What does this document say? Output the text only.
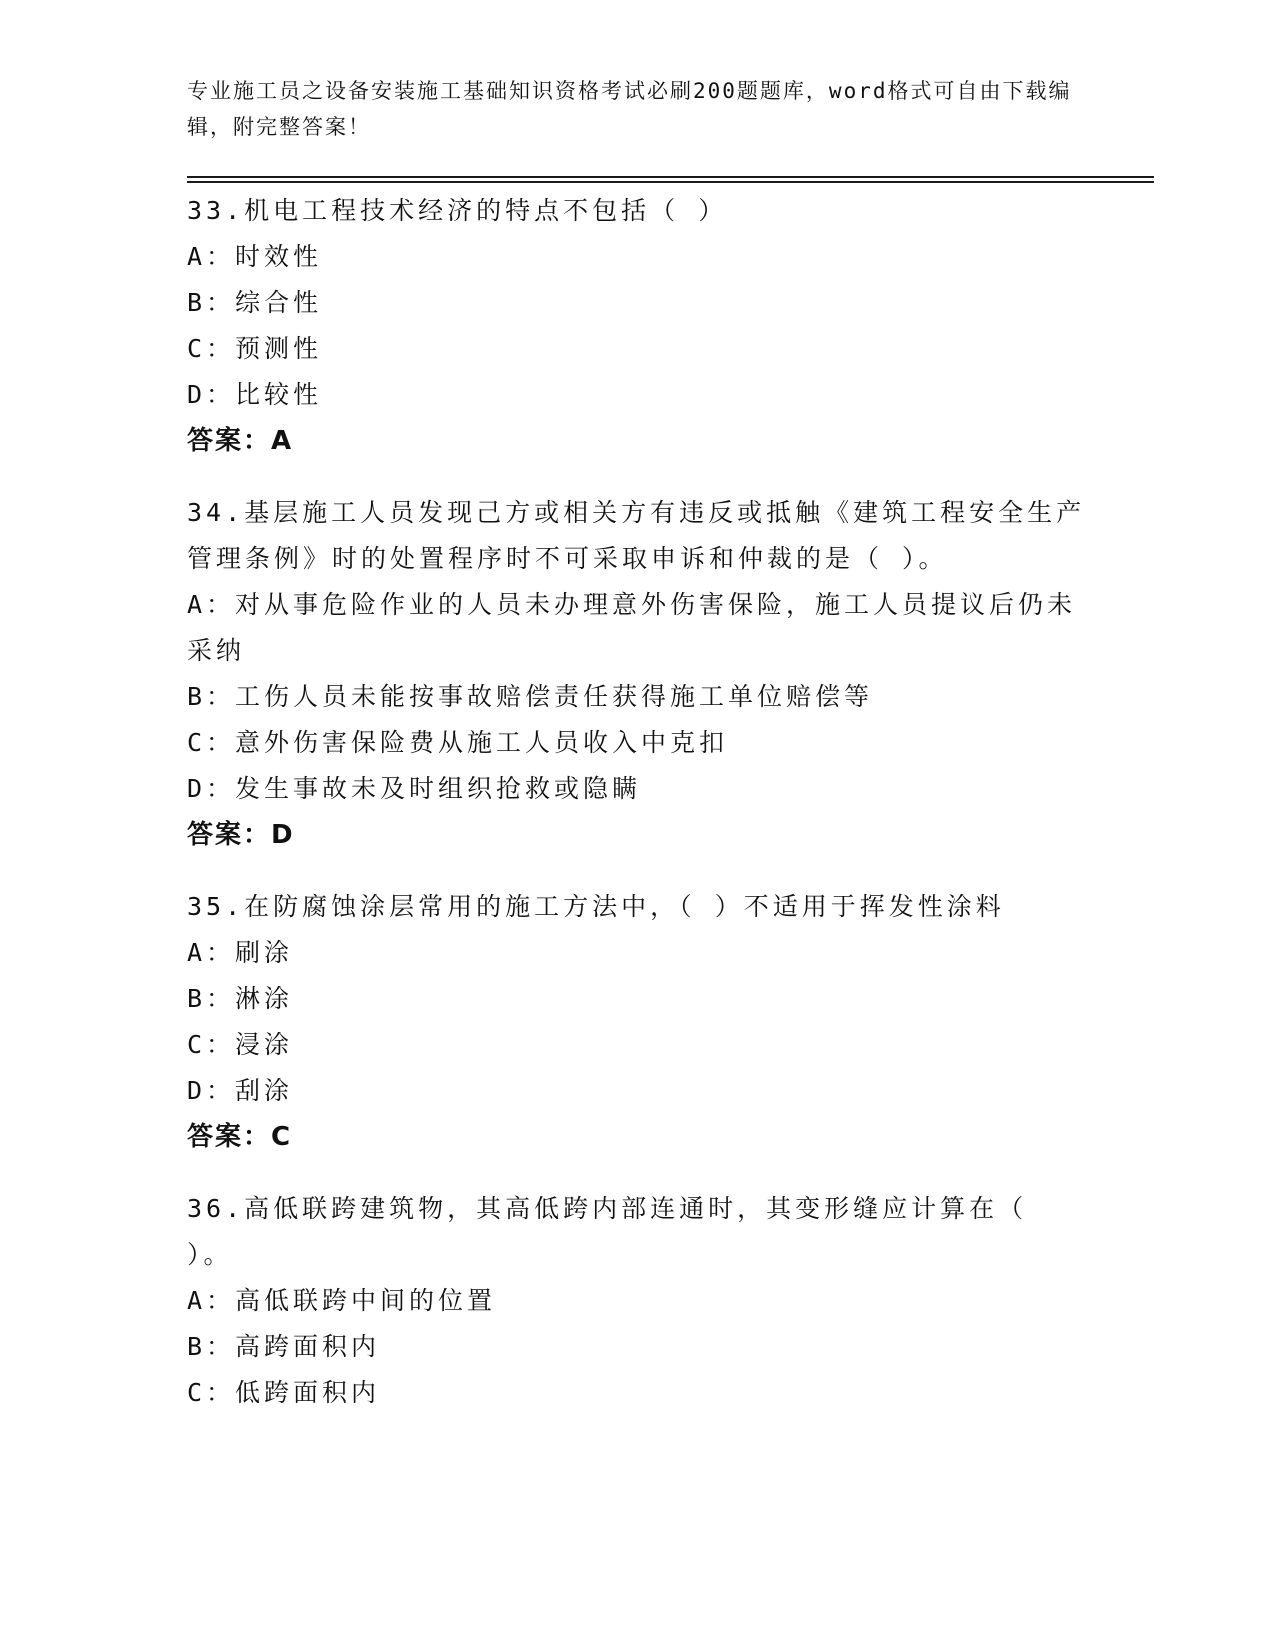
专业施工员之设备安装施工基础知识资格考试必刷200题题库，word格式可自由下载编辑，附完整答案！
33.机电工程技术经济的特点不包括（ ）
A：时效性
B：综合性
C：预测性
D：比较性
答案：A
34.基层施工人员发现己方或相关方有违反或抵触《建筑工程安全生产管理条例》时的处置程序时不可采取申诉和仲裁的是（ ）。
A：对从事危险作业的人员未办理意外伤害保险，施工人员提议后仍未采纳
B：工伤人员未能按事故赔偿责任获得施工单位赔偿等
C：意外伤害保险费从施工人员收入中克扣
D：发生事故未及时组织抢救或隐瞒
答案：D
35.在防腐蚀涂层常用的施工方法中，（ ）不适用于挥发性涂料
A：刷涂
B：淋涂
C：浸涂
D：刮涂
答案：C
36.高低联跨建筑物，其高低跨内部连通时，其变形缝应计算在（ ）。
A：高低联跨中间的位置
B：高跨面积内
C：低跨面积内
